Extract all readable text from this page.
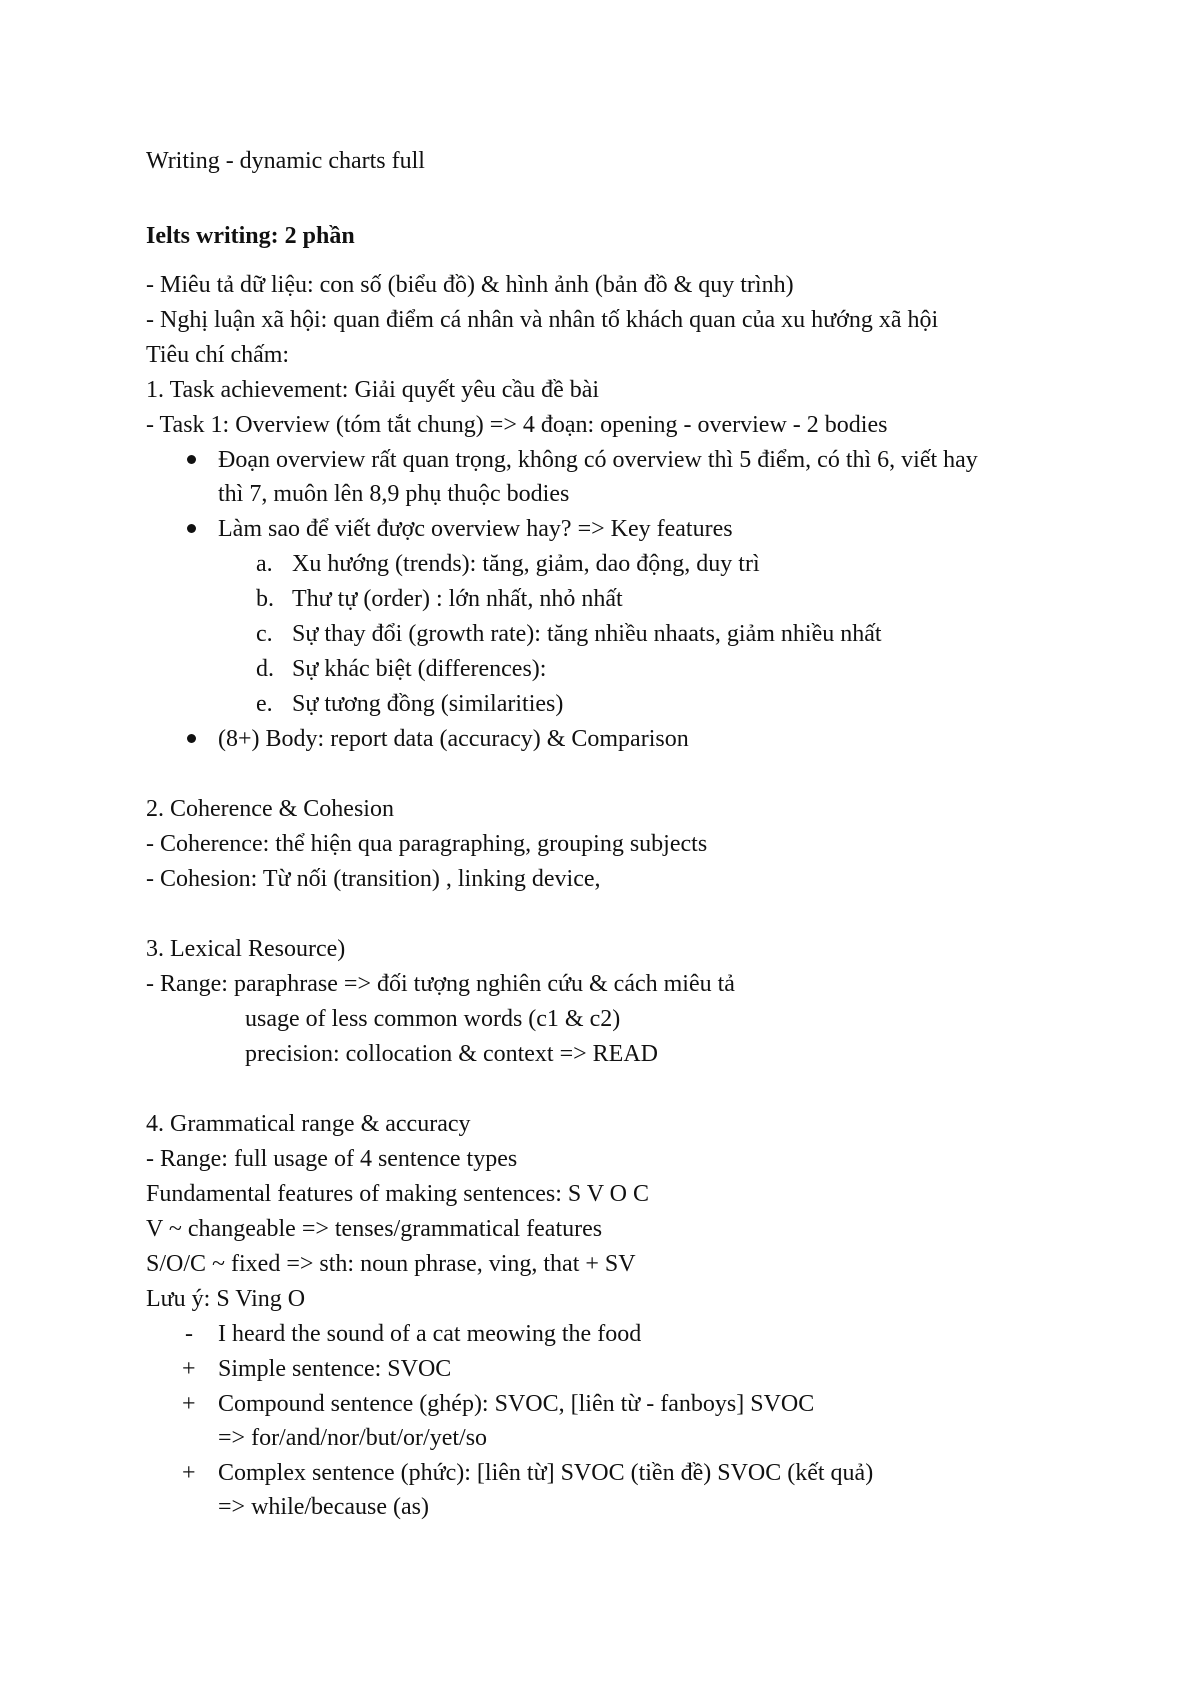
Writing - dynamic charts full
Ielts writing: 2 phần
- Miêu tả dữ liệu: con số (biểu đồ) & hình ảnh (bản đồ & quy trình)
- Nghị luận xã hội: quan điểm cá nhân và nhân tố khách quan của xu hướng xã hội
Tiêu chí chấm:
1. Task achievement: Giải quyết yêu cầu đề bài
- Task 1: Overview (tóm tắt chung) => 4 đoạn: opening - overview - 2 bodies
Đoạn overview rất quan trọng, không có overview thì 5 điểm, có thì 6, viết hay
thì 7, muôn lên 8,9 phụ thuộc bodies
Làm sao để viết được overview hay? => Key features
a. Xu hướng (trends): tăng, giảm, dao động, duy trì
b. Thư tự (order) : lớn nhất, nhỏ nhất
c. Sự thay đổi (growth rate): tăng nhiều nhaats, giảm nhiều nhất
d. Sự khác biệt (differences):
e. Sự tương đồng (similarities)
(8+) Body: report data (accuracy) & Comparison
2. Coherence & Cohesion
- Coherence: thể hiện qua paragraphing, grouping subjects
- Cohesion: Từ nối (transition) , linking device,
3. Lexical Resource)
- Range: paraphrase => đối tượng nghiên cứu & cách miêu tả
usage of less common words (c1 & c2)
precision: collocation & context => READ
4. Grammatical range & accuracy
- Range: full usage of 4 sentence types
Fundamental features of making sentences: S V O C
V ~ changeable => tenses/grammatical features
S/O/C ~ fixed => sth: noun phrase, ving, that + SV
Lưu ý: S Ving O
- I heard the sound of a cat meowing the food
+ Simple sentence: SVOC
+ Compound sentence (ghép): SVOC, [liên từ - fanboys] SVOC
=> for/and/nor/but/or/yet/so
+ Complex sentence (phức): [liên từ] SVOC (tiền đề) SVOC (kết quả)
=> while/because (as)
